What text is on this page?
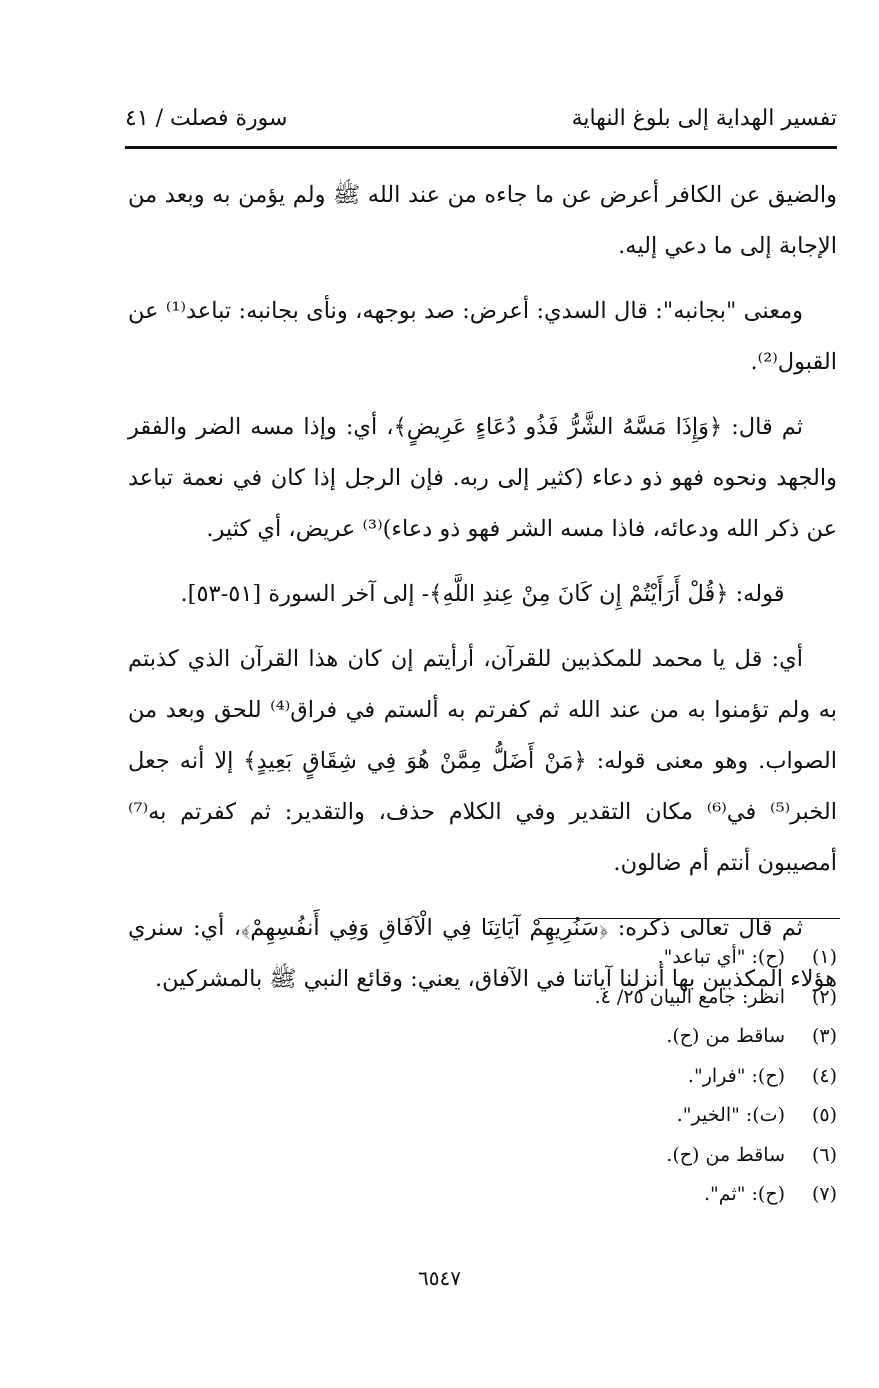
تفسير الهداية إلى بلوغ النهاية
سورة فصلت / ٤١

والضيق عن الكافر أعرض عن ما جاءه من عند الله ﷺ ولم يؤمن به وبعد من الإجابة إلى ما دعي إليه.

ومعنى "بجانبه": قال السدي: أعرض: صد بوجهه، ونأى بجانبه: تباعد⁽¹⁾ عن القبول⁽²⁾.

ثم قال: ﴿وَإِذَا مَسَّهُ الشَّرُّ فَذُو دُعَاءٍ عَرِيضٍ﴾، أي: وإذا مسه الضر والفقر والجهد ونحوه فهو ذو دعاء (كثير إلى ربه. فإن الرجل إذا كان في نعمة تباعد عن ذكر الله ودعائه، فاذا مسه الشر فهو ذو دعاء)⁽³⁾ عريض، أي كثير.

قوله: ﴿قُلْ أَرَأَيْتُمْ إِن كَانَ مِنْ عِندِ اللَّهِ﴾- إلى آخر السورة [٥١-٥٣].

أي: قل يا محمد للمكذبين للقرآن، أرأيتم إن كان هذا القرآن الذي كذبتم به ولم تؤمنوا به من عند الله ثم كفرتم به ألستم في فراق⁽⁴⁾ للحق وبعد من الصواب. وهو معنى قوله: ﴿مَنْ أَضَلُّ مِمَّنْ هُوَ فِي شِقَاقٍ بَعِيدٍ﴾ إلا أنه جعل الخبر⁽⁵⁾ في⁽⁶⁾ مكان التقدير وفي الكلام حذف، والتقدير: ثم كفرتم به⁽⁷⁾ أمصيبون أنتم أم ضالون.

ثم قال تعالى ذكره: ﴿سَنُرِيهِمْ آيَاتِنَا فِي الْآفَاقِ وَفِي أَنفُسِهِمْ﴾، أي: سنري هؤلاء المكذبين بها أنزلنا آياتنا في الآفاق، يعني: وقائع النبي ﷺ بالمشركين.

(١)
(ح): "أي تباعد".
(٢)
انظر: جامع البيان ٢٥/ ٤.
(٣)
ساقط من (ح).
(٤)
(ح): "فرار".
(٥)
(ت): "الخير".
(٦)
ساقط من (ح).
(٧)
(ح): "ثم".
٦٥٤٧
